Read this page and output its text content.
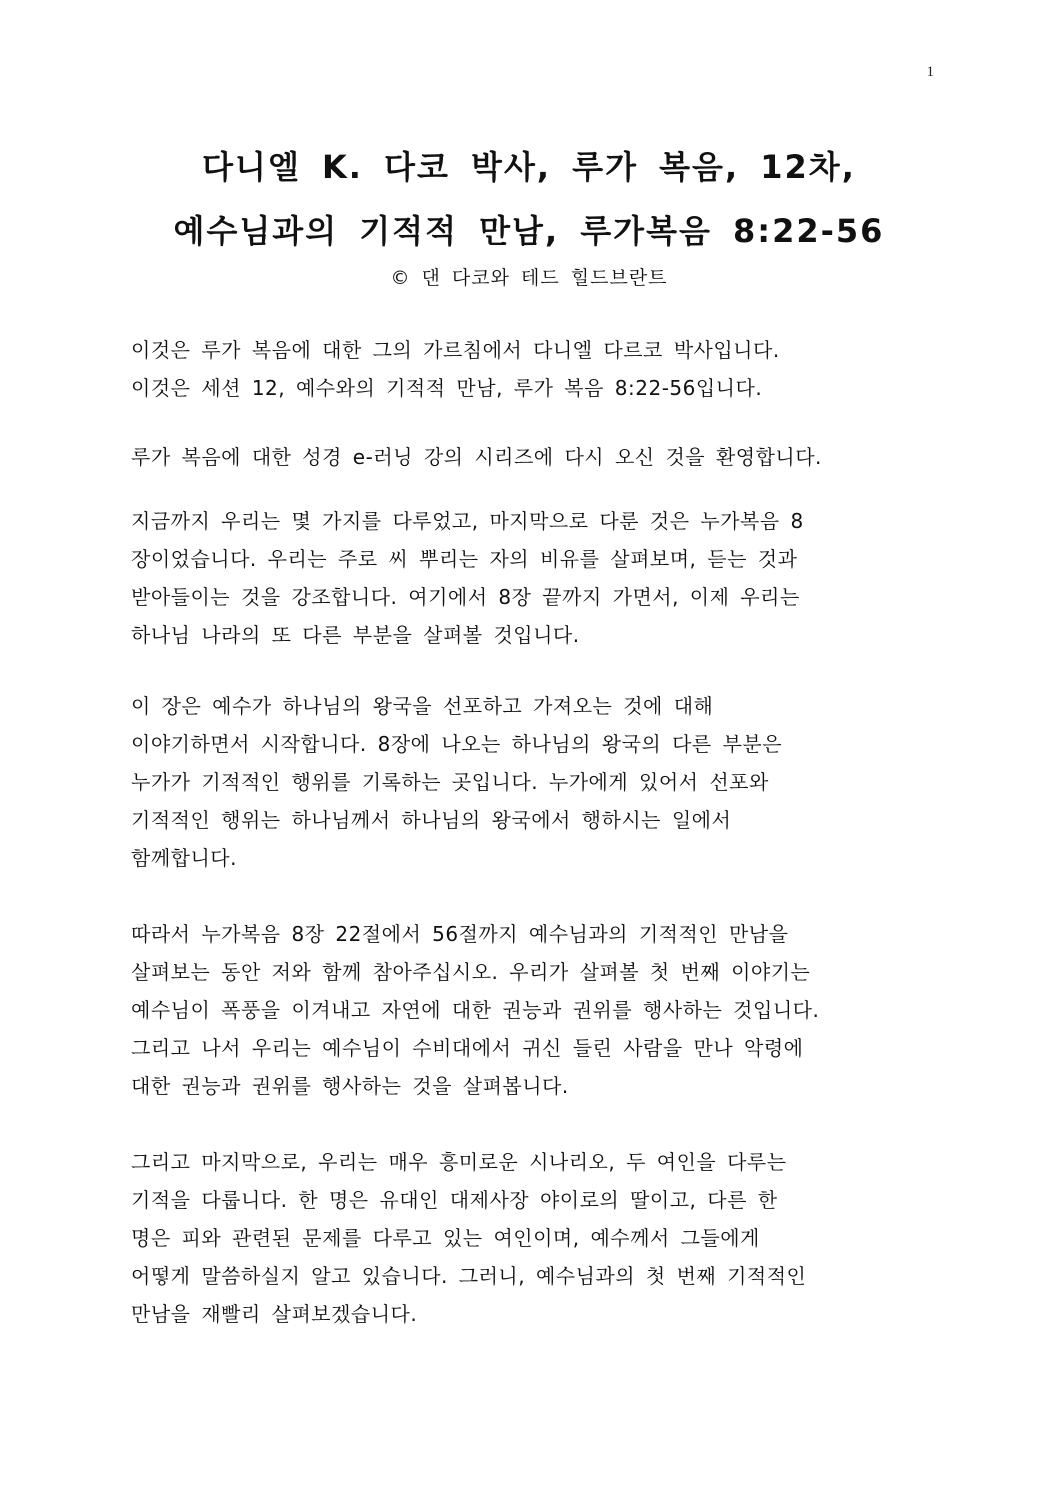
1
다니엘 K. 다코 박사, 루가 복음, 12차,
예수님과의 기적적 만남, 루가복음 8:22-56
© 댄 다코와 테드 힐드브란트
이것은 루가 복음에 대한 그의 가르침에서 다니엘 다르코 박사입니다.
이것은 세션 12, 예수와의 기적적 만남, 루가 복음 8:22-56입니다.
루가 복음에 대한 성경 e-러닝 강의 시리즈에 다시 오신 것을 환영합니다.
지금까지 우리는 몇 가지를 다루었고, 마지막으로 다룬 것은 누가복음 8
장이었습니다. 우리는 주로 씨 뿌리는 자의 비유를 살펴보며, 듣는 것과
받아들이는 것을 강조합니다. 여기에서 8장 끝까지 가면서, 이제 우리는
하나님 나라의 또 다른 부분을 살펴볼 것입니다.
이 장은 예수가 하나님의 왕국을 선포하고 가져오는 것에 대해
이야기하면서 시작합니다. 8장에 나오는 하나님의 왕국의 다른 부분은
누가가 기적적인 행위를 기록하는 곳입니다. 누가에게 있어서 선포와
기적적인 행위는 하나님께서 하나님의 왕국에서 행하시는 일에서
함께합니다.
따라서 누가복음 8장 22절에서 56절까지 예수님과의 기적적인 만남을
살펴보는 동안 저와 함께 참아주십시오. 우리가 살펴볼 첫 번째 이야기는
예수님이 폭풍을 이겨내고 자연에 대한 권능과 권위를 행사하는 것입니다.
그리고 나서 우리는 예수님이 수비대에서 귀신 들린 사람을 만나 악령에
대한 권능과 권위를 행사하는 것을 살펴봅니다.
그리고 마지막으로, 우리는 매우 흥미로운 시나리오, 두 여인을 다루는
기적을 다룹니다. 한 명은 유대인 대제사장 야이로의 딸이고, 다른 한
명은 피와 관련된 문제를 다루고 있는 여인이며, 예수께서 그들에게
어떻게 말씀하실지 알고 있습니다. 그러니, 예수님과의 첫 번째 기적적인
만남을 재빨리 살펴보겠습니다.
